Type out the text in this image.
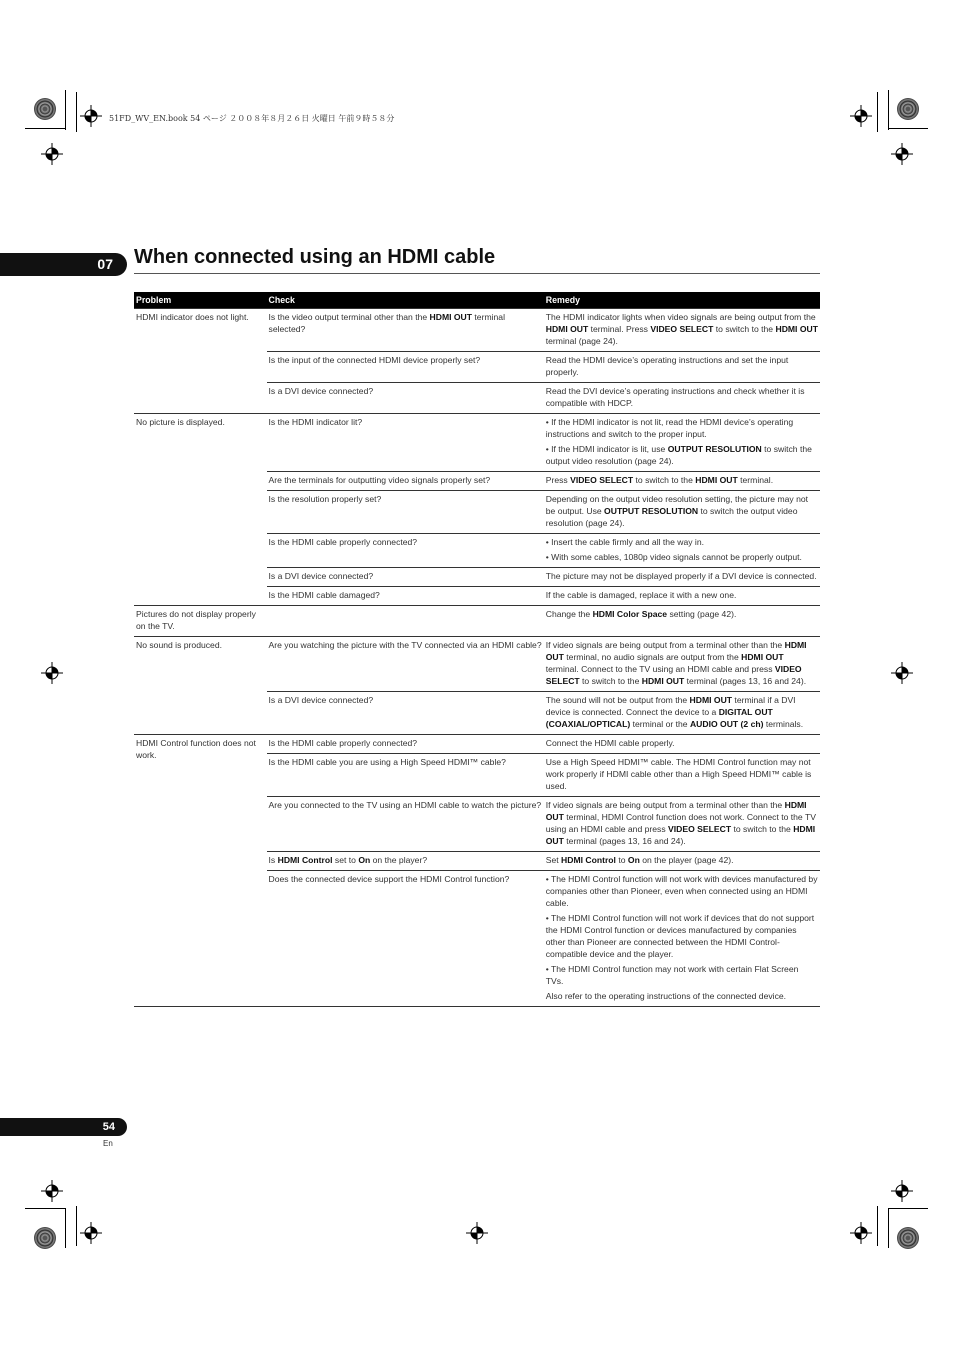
51FD_WV_EN.book 54 ページ ２００８年８月２６日 火曜日 午前９時５８分
07	When connected using an HDMI cable
Problem	Check	Remedy
HDMI indicator does not light.	Is the video output terminal other than the HDMI OUT terminal selected?	The HDMI indicator lights when video signals are being output from the HDMI OUT terminal. Press VIDEO SELECT to switch to the HDMI OUT terminal (page 24).

	Is the input of the connected HDMI device properly set?	Read the HDMI device’s operating instructions and set the input properly.

	Is a DVI device connected?	Read the DVI device’s operating instructions and check whether it is compatible with HDCP.

No picture is displayed.	Is the HDMI indicator lit?	• If the HDMI indicator is not lit, read the HDMI device’s operating instructions and switch to the proper input.
• If the HDMI indicator is lit, use OUTPUT RESOLUTION to switch the output video resolution (page 24).

	Are the terminals for outputting video signals properly set?	Press VIDEO SELECT to switch to the HDMI OUT terminal.

	Is the resolution properly set?	Depending on the output video resolution setting, the picture may not be output. Use OUTPUT RESOLUTION to switch the output video resolution (page 24).

	Is the HDMI cable properly connected?	• Insert the cable firmly and all the way in.
• With some cables, 1080p video signals cannot be properly output.

	Is a DVI device connected?	The picture may not be displayed properly if a DVI device is connected.

	Is the HDMI cable damaged?	If the cable is damaged, replace it with a new one.

Pictures do not display properly on the TV.		Change the HDMI Color Space setting (page 42).

No sound is produced.	Are you watching the picture with the TV connected via an HDMI cable?	If video signals are being output from a terminal other than the HDMI OUT terminal, no audio signals are output from the HDMI OUT terminal. Connect to the TV using an HDMI cable and press VIDEO SELECT to switch to the HDMI OUT terminal (pages 13, 16 and 24).

	Is a DVI device connected?	The sound will not be output from the HDMI OUT terminal if a DVI device is connected. Connect the device to a DIGITAL OUT (COAXIAL/OPTICAL) terminal or the AUDIO OUT (2 ch) terminals.

HDMI Control function does not work.	Is the HDMI cable properly connected?	Connect the HDMI cable properly.

	Is the HDMI cable you are using a High Speed HDMI™ cable?	Use a High Speed HDMI™ cable. The HDMI Control function may not work properly if HDMI cable other than a High Speed HDMI™ cable is used.

	Are you connected to the TV using an HDMI cable to watch the picture?	If video signals are being output from a terminal other than the HDMI OUT terminal, HDMI Control function does not work. Connect to the TV using an HDMI cable and press VIDEO SELECT to switch to the HDMI OUT terminal (pages 13, 16 and 24).

	Is HDMI Control set to On on the player?	Set HDMI Control to On on the player (page 42).

	Does the connected device support the HDMI Control function?	• The HDMI Control function will not work with devices manufactured by companies other than Pioneer, even when connected using an HDMI cable.
• The HDMI Control function will not work if devices that do not support the HDMI Control function or devices manufactured by companies other than Pioneer are connected between the HDMI Control-compatible device and the player.
• The HDMI Control function may not work with certain Flat Screen TVs.
Also refer to the operating instructions of the connected device.
54
En
